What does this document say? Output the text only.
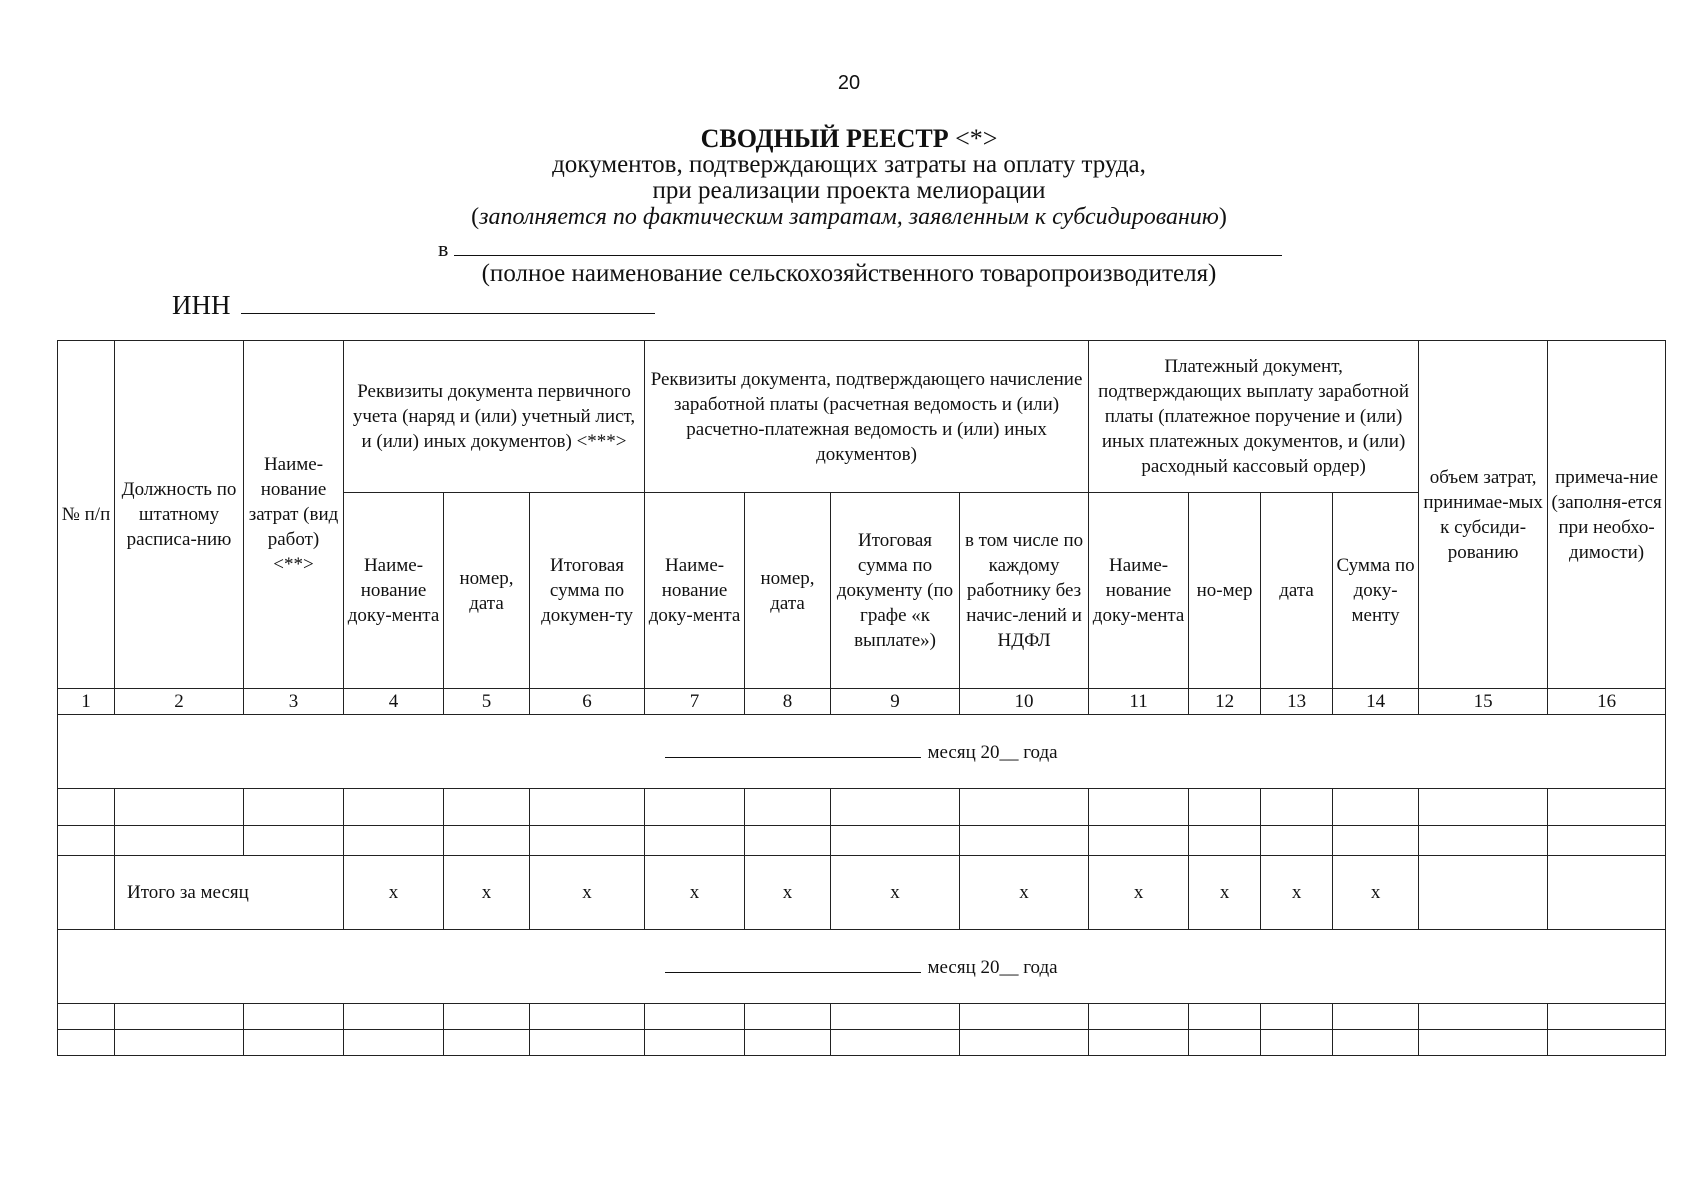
20
СВОДНЫЙ РЕЕСТР <*>
документов, подтверждающих затраты на оплату труда,
при реализации проекта мелиорации
(заполняется по фактическим затратам, заявленным к субсидированию)
в
(полное наименование сельскохозяйственного товаропроизводителя)
ИНН
№ п/п	Должность по штатному расписа-нию	Наиме-нование затрат (вид работ) <**>	Реквизиты документа первичного учета (наряд и (или) учетный лист, и (или) иных документов) <***>			Реквизиты документа, подтверждающего начисление заработной платы (расчетная ведомость и (или) расчетно-платежная ведомость и (или) иных документов)				Платежный документ, подтверждающих выплату заработной платы (платежное поручение и (или) иных платежных документов, и (или) расходный кассовый ордер)				объем затрат, принимае-мых к субсиди-рованию	примеча-ние (заполня-ется при необхо-димости)
			Наиме-нование доку-мента	номер, дата	Итоговая сумма по докумен-ту	Наиме-нование доку-мента	номер, дата	Итоговая сумма по документу (по графе «к выплате»)	в том числе по каждому работнику без начис-лений и НДФЛ	Наиме-нование доку-мента	но-мер	дата	Сумма по доку-менту		
1	2	3	4	5	6	7	8	9	10	11	12	13	14	15	16
месяц 20__ года															

	Итого за месяц		х	х	х	х	х	х	х	х	х	х	х		
месяц 20__ года															
